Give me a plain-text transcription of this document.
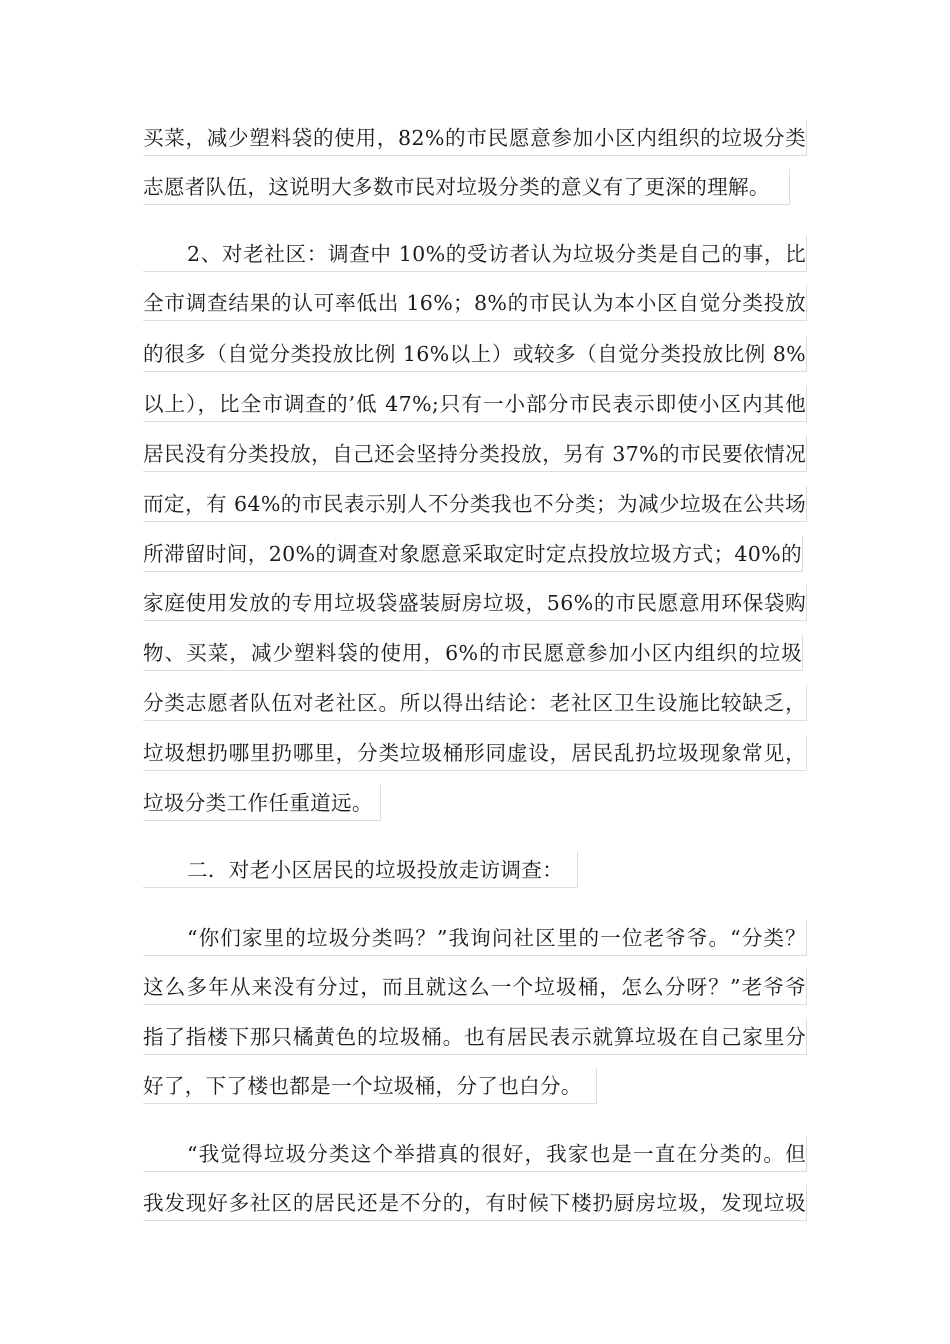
买菜，减少塑料袋的使用，82%的市民愿意参加小区内组织的垃圾分类
志愿者队伍，这说明大多数市民对垃圾分类的意义有了更深的理解。
2、对老社区：调查中 10%的受访者认为垃圾分类是自己的事，比
全市调查结果的认可率低出 16%；8%的市民认为本小区自觉分类投放
的很多（自觉分类投放比例 16%以上）或较多（自觉分类投放比例 8%
以上），比全市调查的’低 47%;只有一小部分市民表示即使小区内其他
居民没有分类投放，自己还会坚持分类投放，另有 37%的市民要依情况
而定，有 64%的市民表示别人不分类我也不分类；为减少垃圾在公共场
所滞留时间，20%的调查对象愿意采取定时定点投放垃圾方式；40%的
家庭使用发放的专用垃圾袋盛装厨房垃圾，56%的市民愿意用环保袋购
物、买菜，减少塑料袋的使用，6%的市民愿意参加小区内组织的垃圾
分类志愿者队伍对老社区。所以得出结论：老社区卫生设施比较缺乏，
垃圾想扔哪里扔哪里，分类垃圾桶形同虚设，居民乱扔垃圾现象常见，
垃圾分类工作任重道远。
二．对老小区居民的垃圾投放走访调查：
“你们家里的垃圾分类吗？”我询问社区里的一位老爷爷。“分类？
这么多年从来没有分过，而且就这么一个垃圾桶，怎么分呀？”老爷爷
指了指楼下那只橘黄色的垃圾桶。也有居民表示就算垃圾在自己家里分
好了，下了楼也都是一个垃圾桶，分了也白分。
“我觉得垃圾分类这个举措真的很好，我家也是一直在分类的。但
我发现好多社区的居民还是不分的，有时候下楼扔厨房垃圾，发现垃圾
